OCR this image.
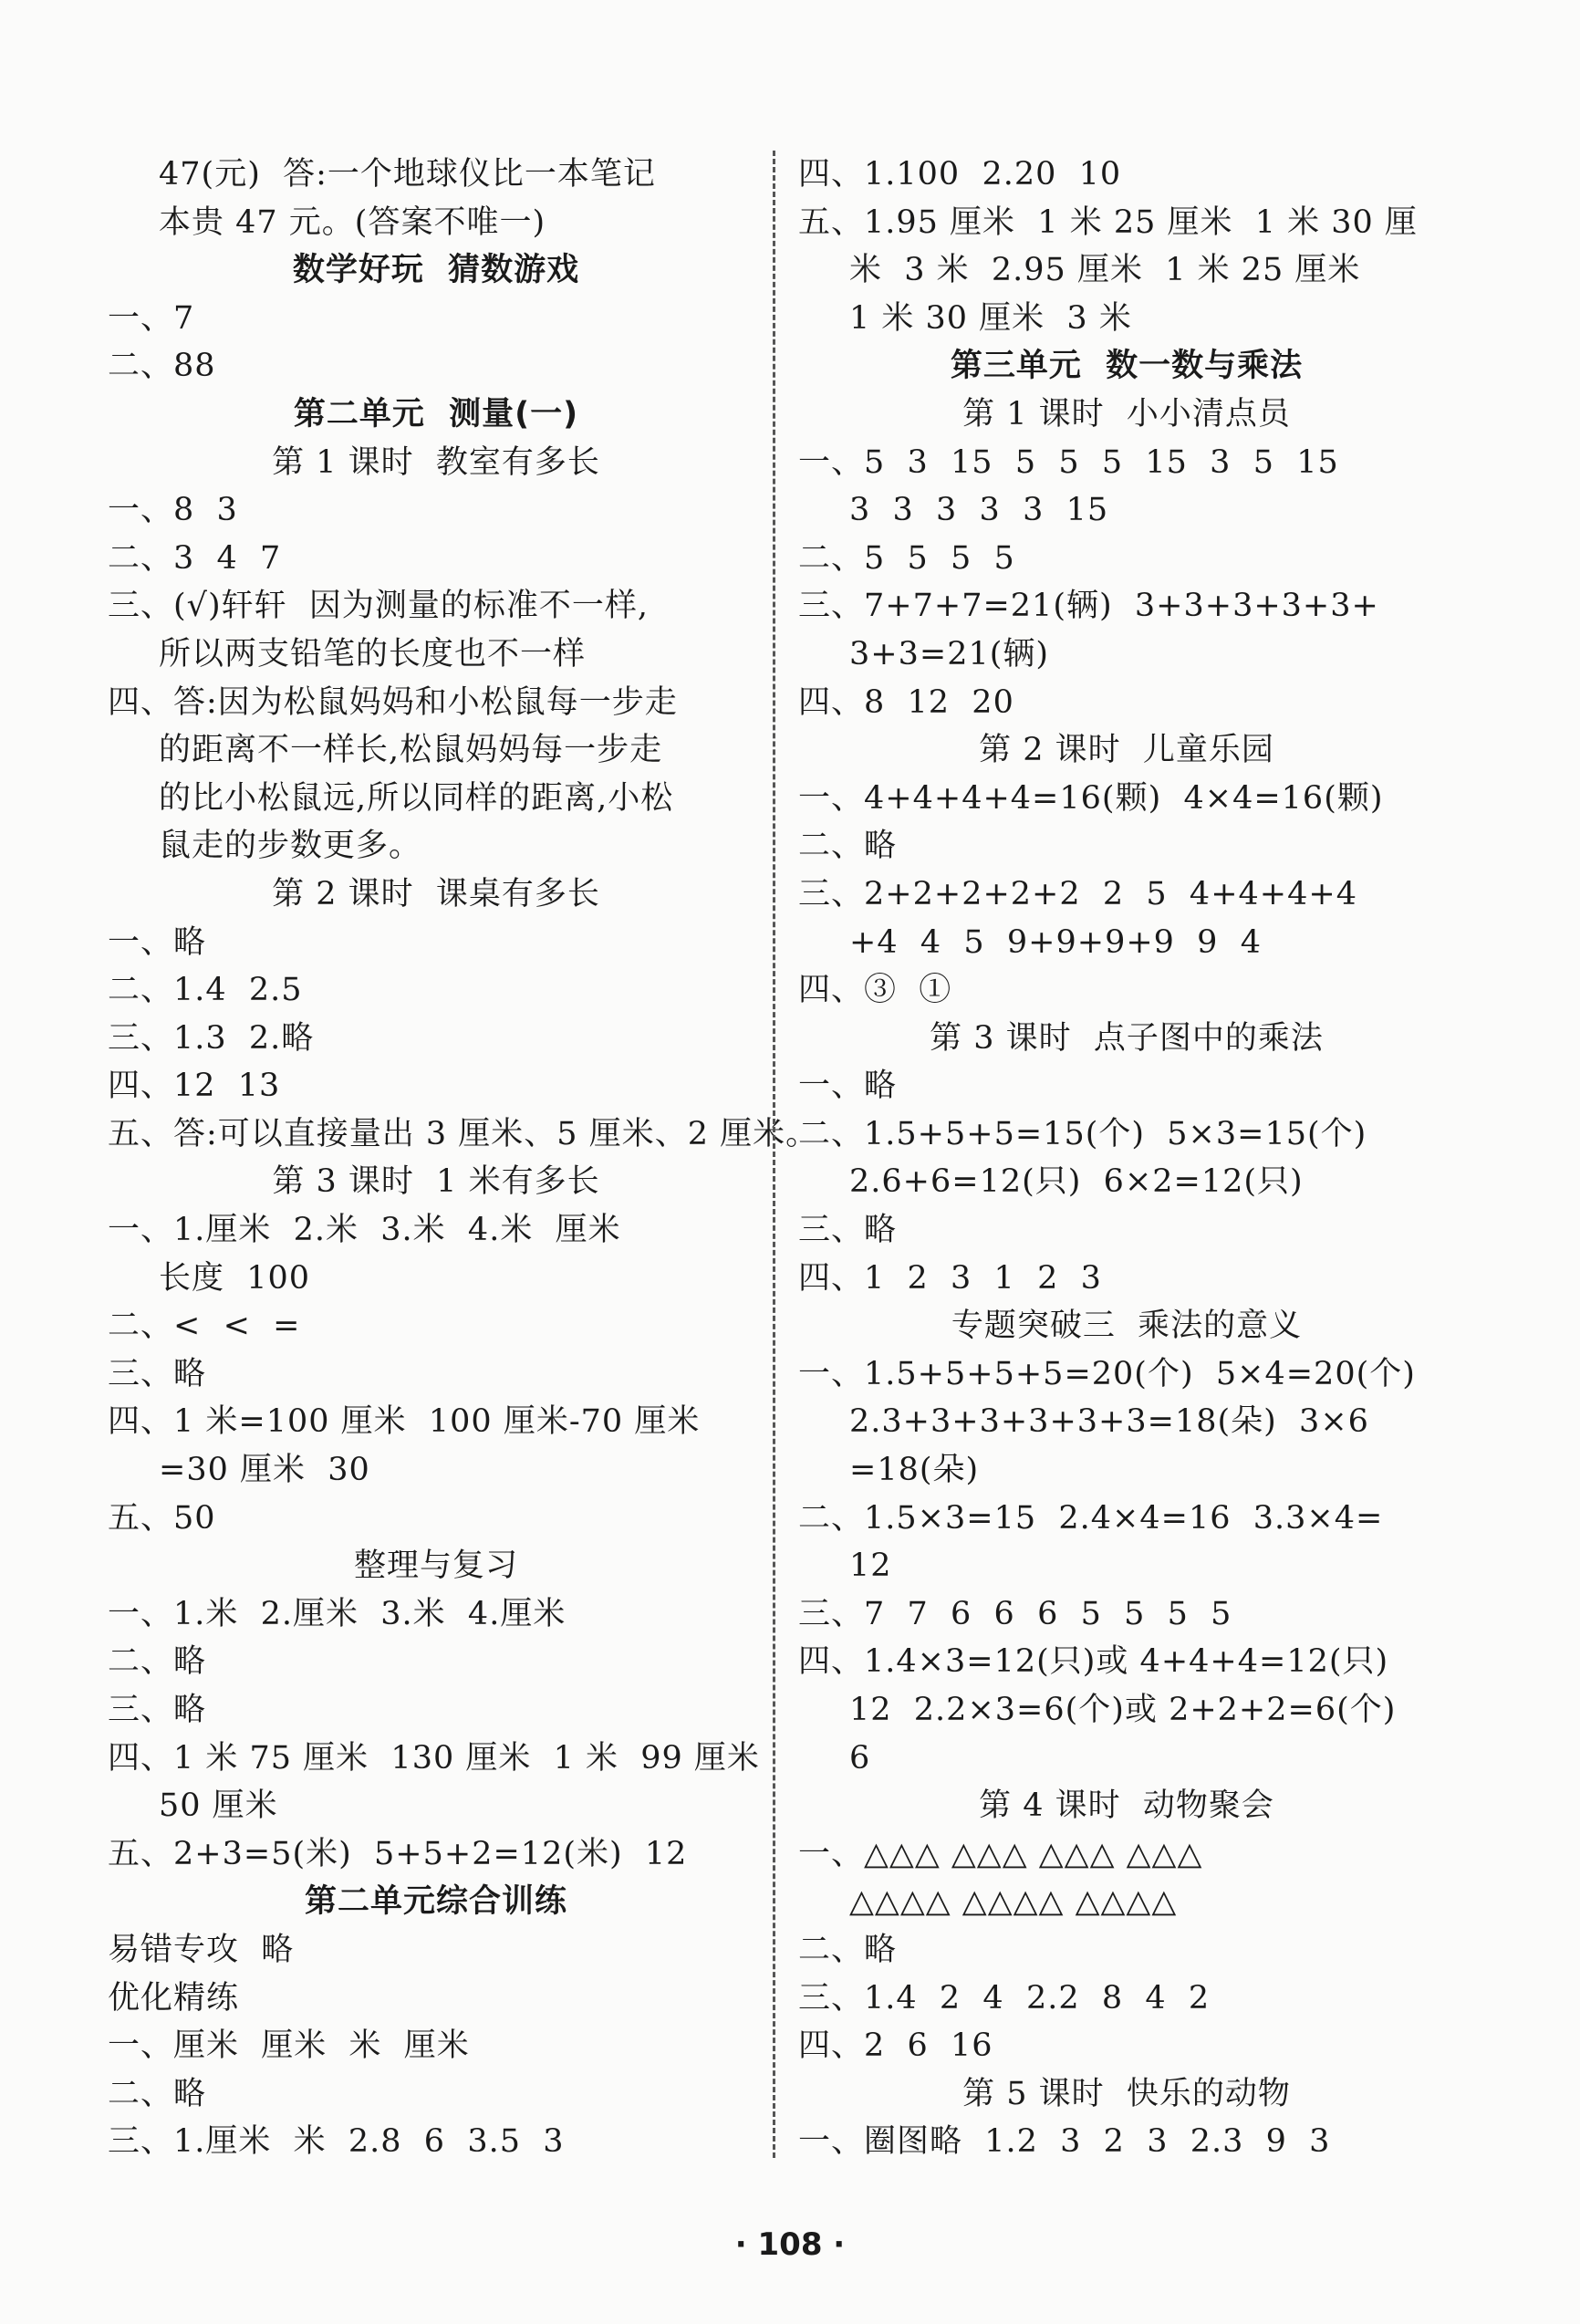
47(元)  答:一个地球仪比一本笔记
本贵 47 元。(答案不唯一)
数学好玩  猜数游戏
一、7
二、88
第二单元  测量(一)
第 1 课时  教室有多长
一、8  3
二、3  4  7
三、(√)轩轩  因为测量的标准不一样,
所以两支铅笔的长度也不一样
四、答:因为松鼠妈妈和小松鼠每一步走
的距离不一样长,松鼠妈妈每一步走
的比小松鼠远,所以同样的距离,小松
鼠走的步数更多。
第 2 课时  课桌有多长
一、略
二、1.4  2.5
三、1.3  2.略
四、12  13
五、答:可以直接量出 3 厘米、5 厘米、2 厘米。
第 3 课时  1 米有多长
一、1.厘米  2.米  3.米  4.米  厘米
长度  100
二、<  <  =
三、略
四、1 米=100 厘米  100 厘米-70 厘米
=30 厘米  30
五、50
整理与复习
一、1.米  2.厘米  3.米  4.厘米
二、略
三、略
四、1 米 75 厘米  130 厘米  1 米  99 厘米
50 厘米
五、2+3=5(米)  5+5+2=12(米)  12
第二单元综合训练
易错专攻  略
优化精练
一、厘米  厘米  米  厘米
二、略
三、1.厘米  米  2.8  6  3.5  3
四、1.100  2.20  10
五、1.95 厘米  1 米 25 厘米  1 米 30 厘
米  3 米  2.95 厘米  1 米 25 厘米
1 米 30 厘米  3 米
第三单元  数一数与乘法
第 1 课时  小小清点员
一、5  3  15  5  5  5  15  3  5  15
3  3  3  3  3  15
二、5  5  5  5
三、7+7+7=21(辆)  3+3+3+3+3+
3+3=21(辆)
四、8  12  20
第 2 课时  儿童乐园
一、4+4+4+4=16(颗)  4×4=16(颗)
二、略
三、2+2+2+2+2  2  5  4+4+4+4
+4  4  5  9+9+9+9  9  4
四、③  ①
第 3 课时  点子图中的乘法
一、略
二、1.5+5+5=15(个)  5×3=15(个)
2.6+6=12(只)  6×2=12(只)
三、略
四、1  2  3  1  2  3
专题突破三  乘法的意义
一、1.5+5+5+5=20(个)  5×4=20(个)
2.3+3+3+3+3+3=18(朵)  3×6
=18(朵)
二、1.5×3=15  2.4×4=16  3.3×4=
12
三、7  7  6  6  6  5  5  5  5
四、1.4×3=12(只)或 4+4+4=12(只)
12  2.2×3=6(个)或 2+2+2=6(个)
6
第 4 课时  动物聚会
一、△△△ △△△ △△△ △△△
△△△△ △△△△ △△△△
二、略
三、1.4  2  4  2.2  8  4  2
四、2  6  16
第 5 课时  快乐的动物
一、圈图略  1.2  3  2  3  2.3  9  3
· 108 ·
